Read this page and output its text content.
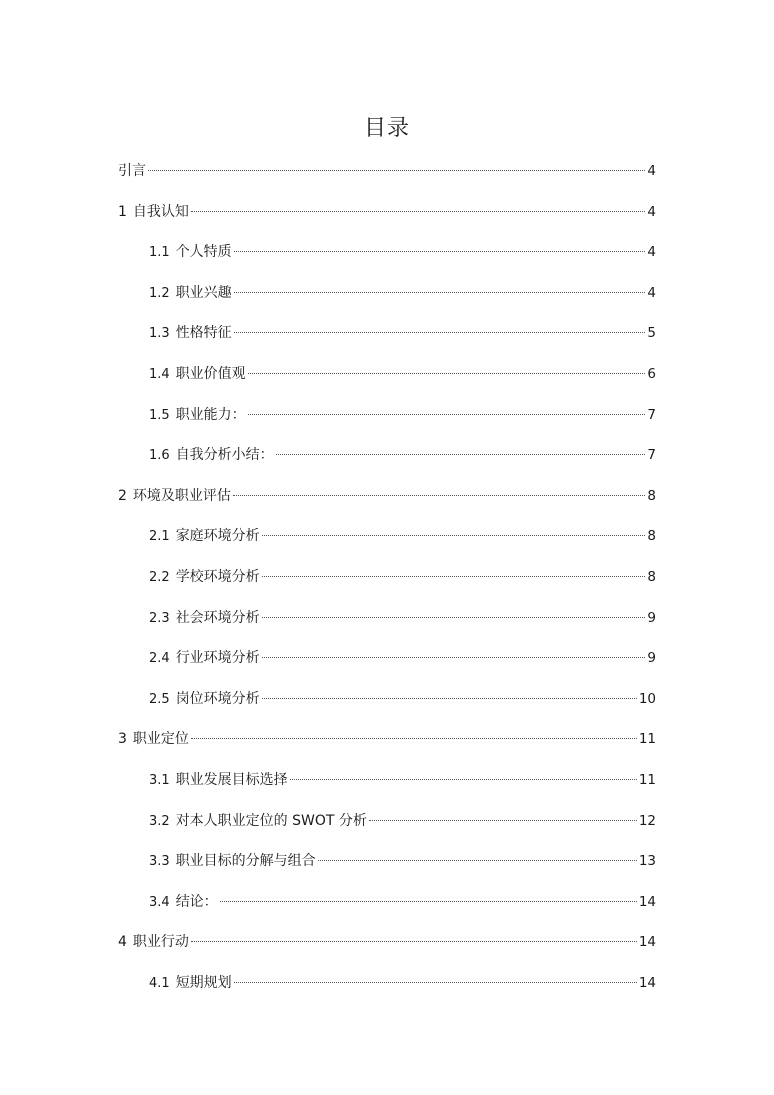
目录
引言	4
1 自我认知	4
1.1 个人特质	4
1.2 职业兴趣	4
1.3 性格特征	5
1.4 职业价值观	6
1.5 职业能力：	7
1.6 自我分析小结：	7
2 环境及职业评估	8
2.1 家庭环境分析	8
2.2 学校环境分析	8
2.3 社会环境分析	9
2.4 行业环境分析	9
2.5 岗位环境分析	10
3 职业定位	11
3.1 职业发展目标选择	11
3.2 对本人职业定位的 SWOT 分析	12
3.3 职业目标的分解与组合	13
3.4 结论：	14
4 职业行动	14
4.1 短期规划	14
